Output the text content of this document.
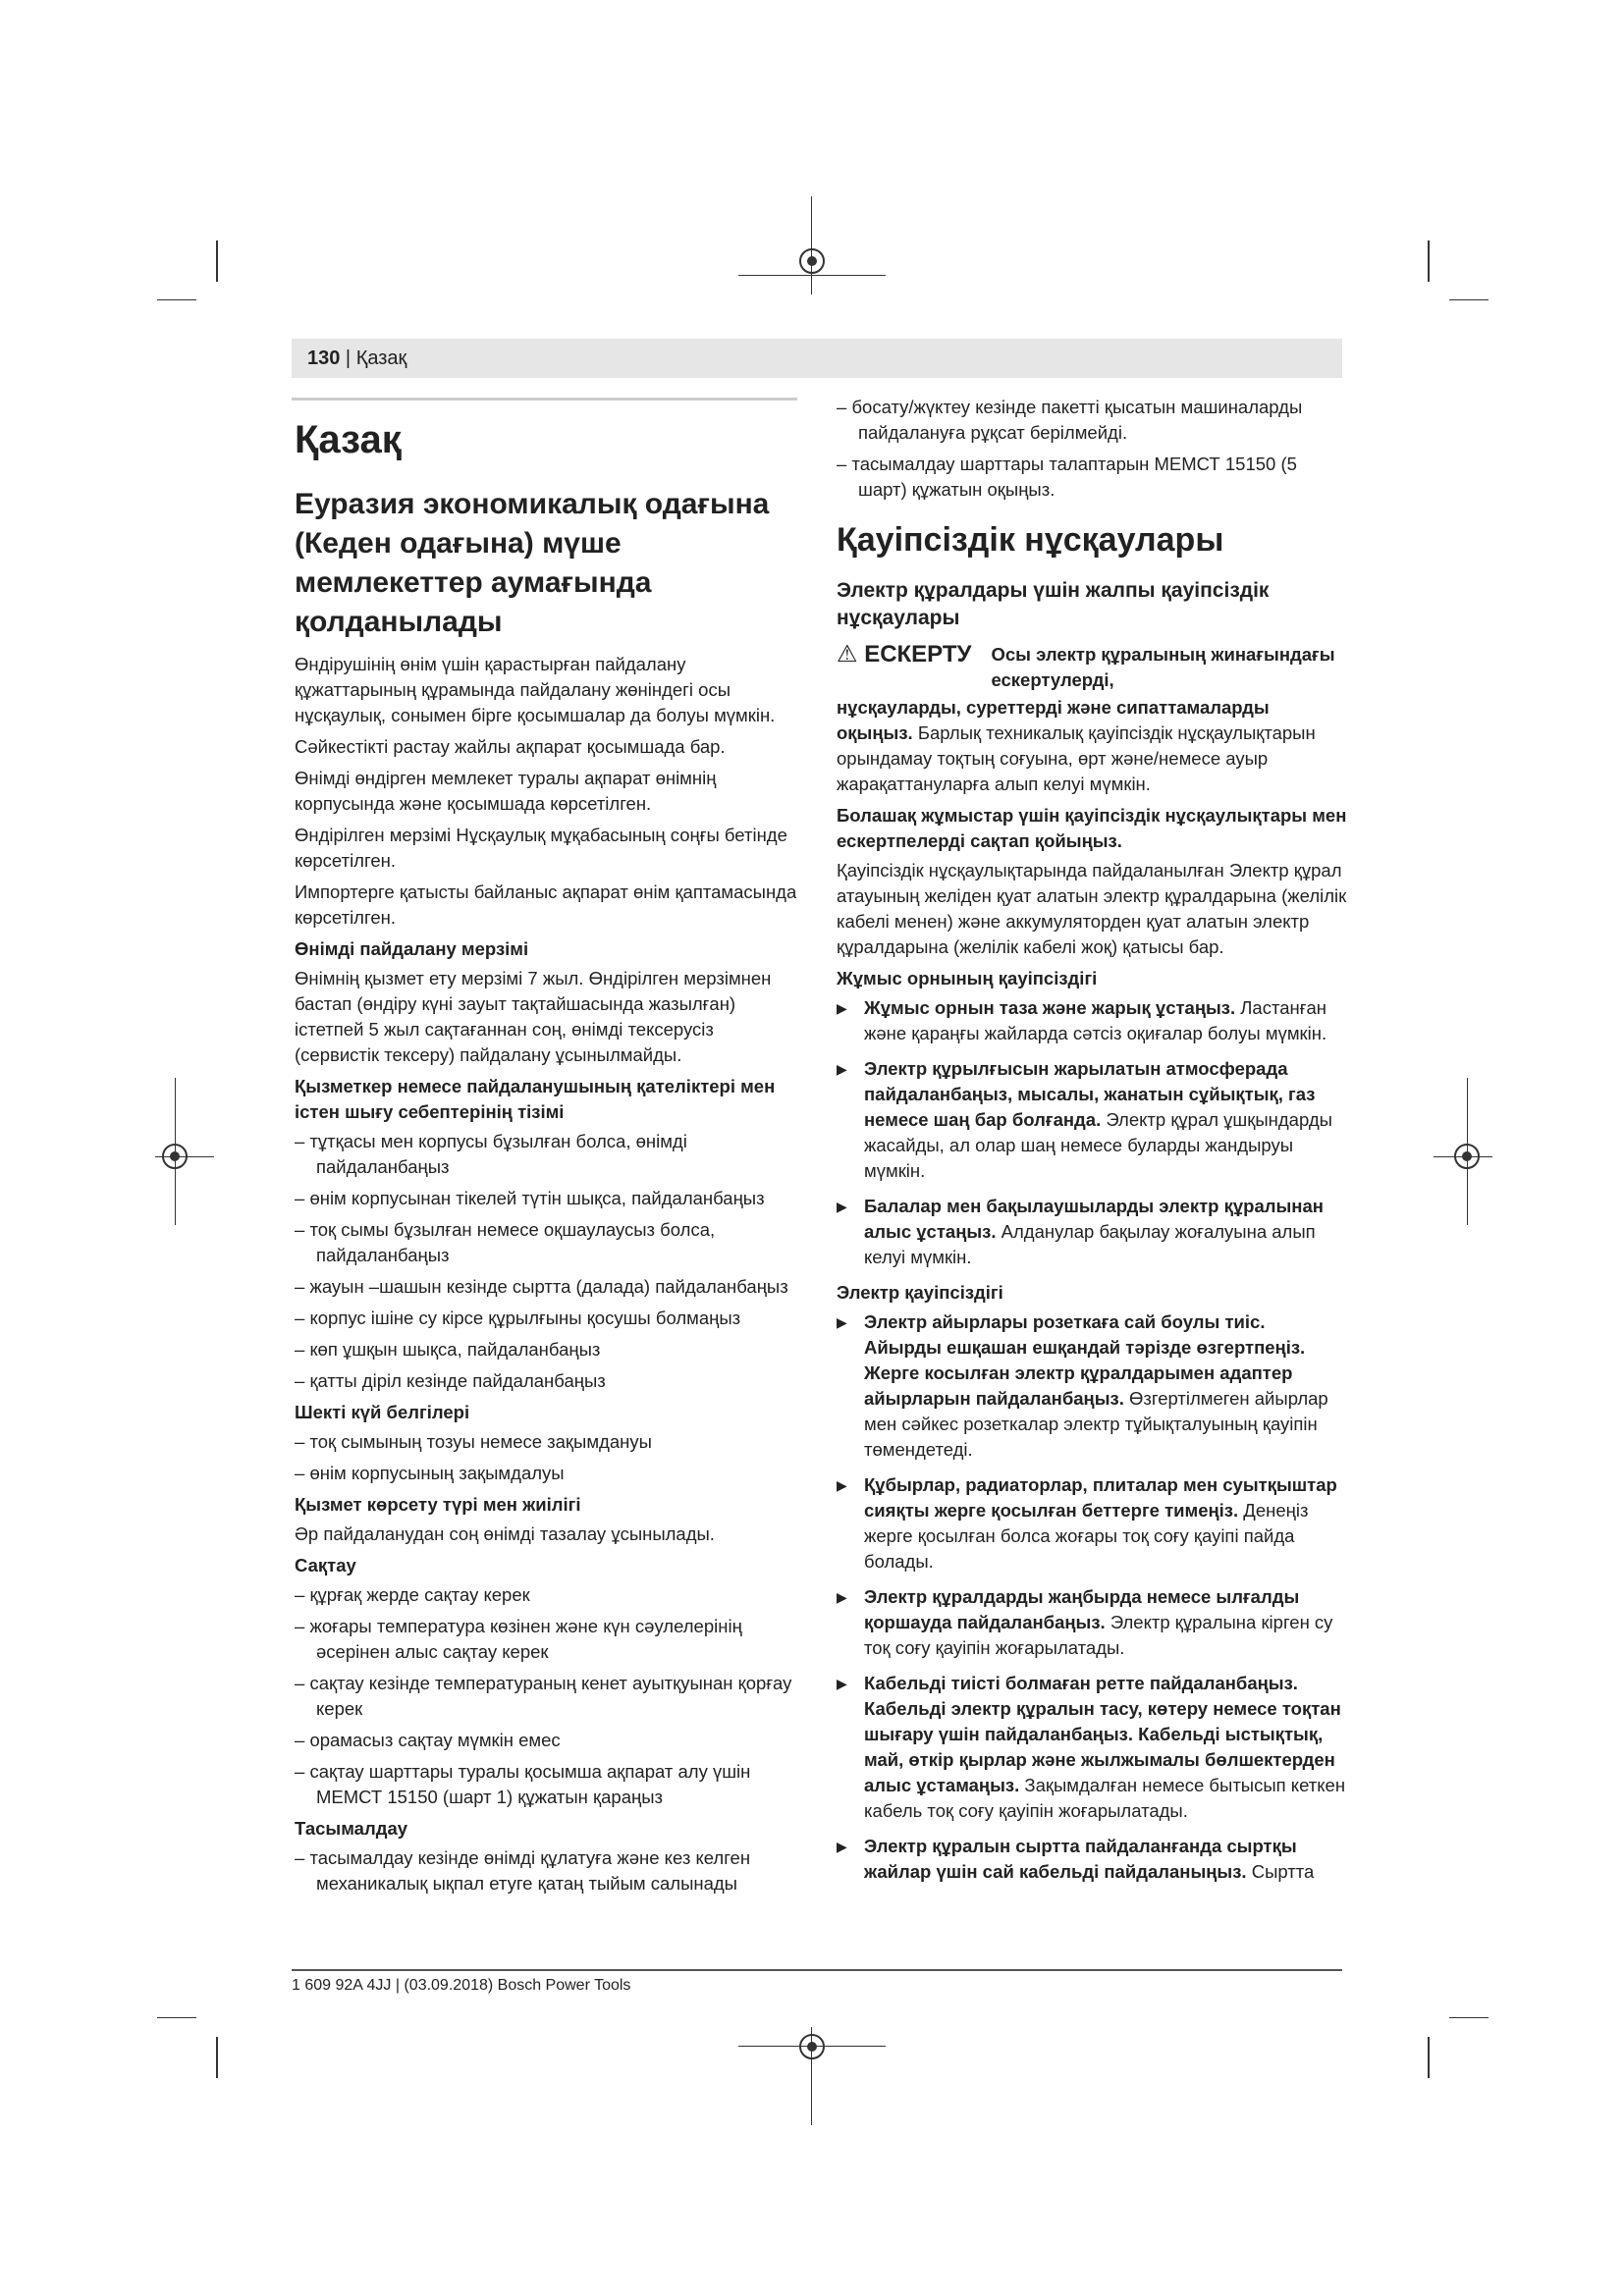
130 | Қазақ
Қазақ
Еуразия экономикалық одағына (Кеден одағына) мүше мемлекеттер аумағында қолданылады

Өндірушінің өнім үшін қарастырған пайдалану құжаттарының құрамында пайдалану жөніндегі осы нұсқаулық, сонымен бірге қосымшалар да болуы мүмкін.

Сәйкестікті растау жайлы ақпарат қосымшада бар.

Өнімді өндірген мемлекет туралы ақпарат өнімнің корпусында және қосымшада көрсетілген.

Өндірілген мерзімі Нұсқаулық мұқабасының соңғы бетінде көрсетілген.

Импортерге қатысты байланыс ақпарат өнім қаптамасында көрсетілген.

Өнімді пайдалану мерзімі

Өнімнің қызмет ету мерзімі 7 жыл. Өндірілген мерзімнен бастап (өндіру күні зауыт тақтайшасында жазылған) істетпей 5 жыл сақтағаннан соң, өнімді тексерусіз (сервистік тексеру) пайдалану ұсынылмайды.

Қызметкер немесе пайдаланушының қателіктері мен істен шығу себептерінің тізімі
– тұтқасы мен корпусы бұзылған болса, өнімді пайдаланбаңыз
– өнім корпусынан тікелей түтін шықса, пайдаланбаңыз
– тоқ сымы бұзылған немесе оқшаулаусыз болса, пайдаланбаңыз
– жауын –шашын кезінде сыртта (далада) пайдаланбаңыз
– корпус ішіне су кірсе құрылғыны қосушы болмаңыз
– көп ұшқын шықса, пайдаланбаңыз
– қатты діріл кезінде пайдаланбаңыз
Шекті күй белгілері
– тоқ сымының тозуы немесе зақымдануы
– өнім корпусының зақымдалуы
Қызмет көрсету түрі мен жиілігі

Әр пайдаланудан соң өнімді тазалау ұсынылады.

Сақтау
– құрғақ жерде сақтау керек
– жоғары температура көзінен және күн сәулелерінің әсерінен алыс сақтау керек
– сақтау кезінде температураның кенет ауытқуынан қорғау керек
– орамасыз сақтау мүмкін емес
– сақтау шарттары туралы қосымша ақпарат алу үшін МЕМСТ 15150 (шарт 1) құжатын қараңыз
Тасымалдау
– тасымалдау кезінде өнімді құлатуға және кез келген механикалық ықпал етуге қатаң тыйым салынады
– босату/жүктеу кезінде пакетті қысатын машиналарды пайдалануға рұқсат берілмейді.
– тасымалдау шарттары талаптарын МЕМСТ 15150 (5 шарт) құжатын оқыңыз.
Қауіпсіздік нұсқаулары
Электр құралдары үшін жалпы қауіпсіздік нұсқаулары
⚠ ЕСКЕРТУ Осы электр құралының жинағындағы ескертулерді,

нұсқауларды, суреттерді және сипаттамаларды оқыңыз. Барлық техникалық қауіпсіздік нұсқаулықтарын орындамау тоқтың соғуына, өрт және/немесе ауыр жарақаттануларға алып келуі мүмкін.

Болашақ жұмыстар үшін қауіпсіздік нұсқаулықтары мен ескертпелерді сақтап қойыңыз.

Қауіпсіздік нұсқаулықтарында пайдаланылған Электр құрал атауының желіден қуат алатын электр құралдарына (желілік кабелі менен) және аккумуляторден қуат алатын электр құралдарына (желілік кабелі жоқ) қатысы бар.

Жұмыс орнының қауіпсіздігі
▶ Жұмыс орнын таза және жарық ұстаңыз. Ластанған және қараңғы жайларда сәтсіз оқиғалар болуы мүмкін.
▶ Электр құрылғысын жарылатын атмосферада пайдаланбаңыз, мысалы, жанатын сұйықтық, газ немесе шаң бар болғанда. Электр құрал ұшқындарды жасайды, ал олар шаң немесе буларды жандыруы мүмкін.
▶ Балалар мен бақылаушыларды электр құралынан алыс ұстаңыз. Алданулар бақылау жоғалуына алып келуі мүмкін.
Электр қауіпсіздігі
▶ Электр айырлары розеткаға сай боулы тиіс. Айырды ешқашан ешқандай тәрізде өзгертпеңіз. Жерге косылған электр құралдарымен адаптер айырларын пайдаланбаңыз. Өзгертілмеген айырлар мен сәйкес розеткалар электр тұйықталуының қауіпін төмендетеді.
▶ Құбырлар, радиаторлар, плиталар мен суытқыштар сияқты жерге қосылған беттерге тимеңіз. Денеңіз жерге қосылған болса жоғары тоқ соғу қауіпі пайда болады.
▶ Электр құралдарды жаңбырда немесе ылғалды қоршауда пайдаланбаңыз. Электр құралына кірген су тоқ соғу қауіпін жоғарылатады.
▶ Кабельді тиісті болмаған ретте пайдаланбаңыз. Кабельді электр құралын тасу, көтеру немесе тоқтан шығару үшін пайдаланбаңыз. Кабельді ыстықтық, май, өткір қырлар және жылжымалы бөлшектерден алыс ұстамаңыз. Зақымдалған немесе бытысып кеткен кабель тоқ соғу қауіпін жоғарылатады.
▶ Электр құралын сыртта пайдаланғанда сыртқы жайлар үшін сай кабельді пайдаланыңыз. Сыртта
1 609 92A 4JJ | (03.09.2018) Bosch Power Tools
